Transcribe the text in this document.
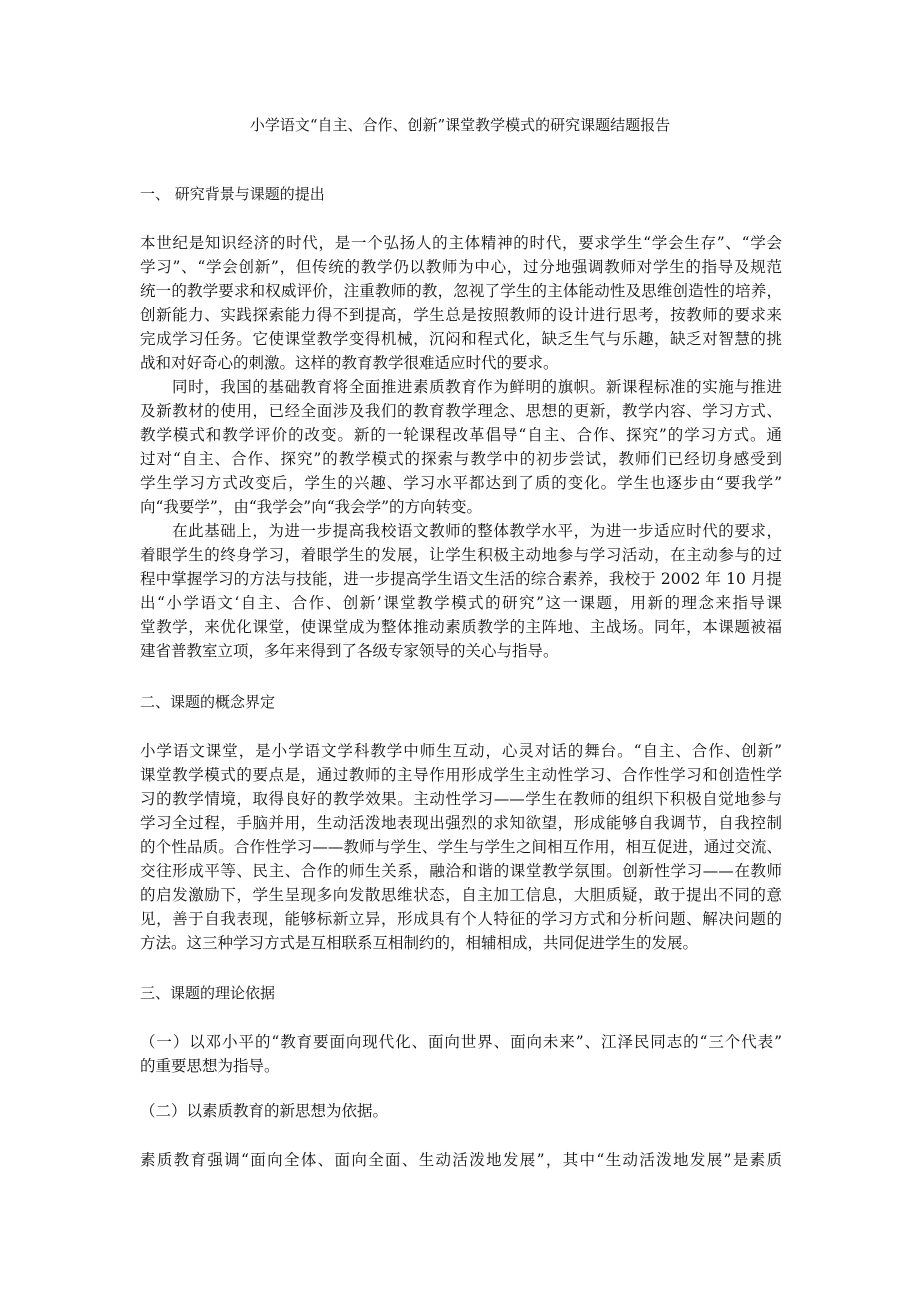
小学语文“自主、合作、创新”课堂教学模式的研究课题结题报告
一、 研究背景与课题的提出
本世纪是知识经济的时代，是一个弘扬人的主体精神的时代，要求学生“学会生存”、“学会
学习”、“学会创新”，但传统的教学仍以教师为中心，过分地强调教师对学生的指导及规范
统一的教学要求和权威评价，注重教师的教，忽视了学生的主体能动性及思维创造性的培养，
创新能力、实践探索能力得不到提高，学生总是按照教师的设计进行思考，按教师的要求来
完成学习任务。它使课堂教学变得机械，沉闷和程式化，缺乏生气与乐趣，缺乏对智慧的挑
战和对好奇心的刺激。这样的教育教学很难适应时代的要求。
同时，我国的基础教育将全面推进素质教育作为鲜明的旗帜。新课程标准的实施与推进
及新教材的使用，已经全面涉及我们的教育教学理念、思想的更新，教学内容、学习方式、
教学模式和教学评价的改变。新的一轮课程改革倡导“自主、合作、探究”的学习方式。通
过对“自主、合作、探究”的教学模式的探索与教学中的初步尝试，教师们已经切身感受到
学生学习方式改变后，学生的兴趣、学习水平都达到了质的变化。学生也逐步由“要我学”
向“我要学”，由“我学会”向“我会学”的方向转变。
在此基础上，为进一步提高我校语文教师的整体教学水平，为进一步适应时代的要求，
着眼学生的终身学习，着眼学生的发展，让学生积极主动地参与学习活动，在主动参与的过
程中掌握学习的方法与技能，进一步提高学生语文生活的综合素养，我校于 2002 年 10 月提
出“小学语文‘自主、合作、创新’课堂教学模式的研究”这一课题，用新的理念来指导课
堂教学，来优化课堂，使课堂成为整体推动素质教学的主阵地、主战场。同年，本课题被福
建省普教室立项，多年来得到了各级专家领导的关心与指导。
二、课题的概念界定
小学语文课堂，是小学语文学科教学中师生互动，心灵对话的舞台。“自主、合作、创新”
课堂教学模式的要点是，通过教师的主导作用形成学生主动性学习、合作性学习和创造性学
习的教学情境，取得良好的教学效果。主动性学习——学生在教师的组织下积极自觉地参与
学习全过程，手脑并用，生动活泼地表现出强烈的求知欲望，形成能够自我调节，自我控制
的个性品质。合作性学习——教师与学生、学生与学生之间相互作用，相互促进，通过交流、
交往形成平等、民主、合作的师生关系，融洽和谐的课堂教学氛围。创新性学习——在教师
的启发激励下，学生呈现多向发散思维状态，自主加工信息，大胆质疑，敢于提出不同的意
见，善于自我表现，能够标新立异，形成具有个人特征的学习方式和分析问题、解决问题的
方法。这三种学习方式是互相联系互相制约的，相辅相成，共同促进学生的发展。
三、课题的理论依据
（一）以邓小平的“教育要面向现代化、面向世界、面向未来”、江泽民同志的“三个代表”
的重要思想为指导。
（二）以素质教育的新思想为依据。
素质教育强调“面向全体、面向全面、生动活泼地发展”，其中“生动活泼地发展”是素质
